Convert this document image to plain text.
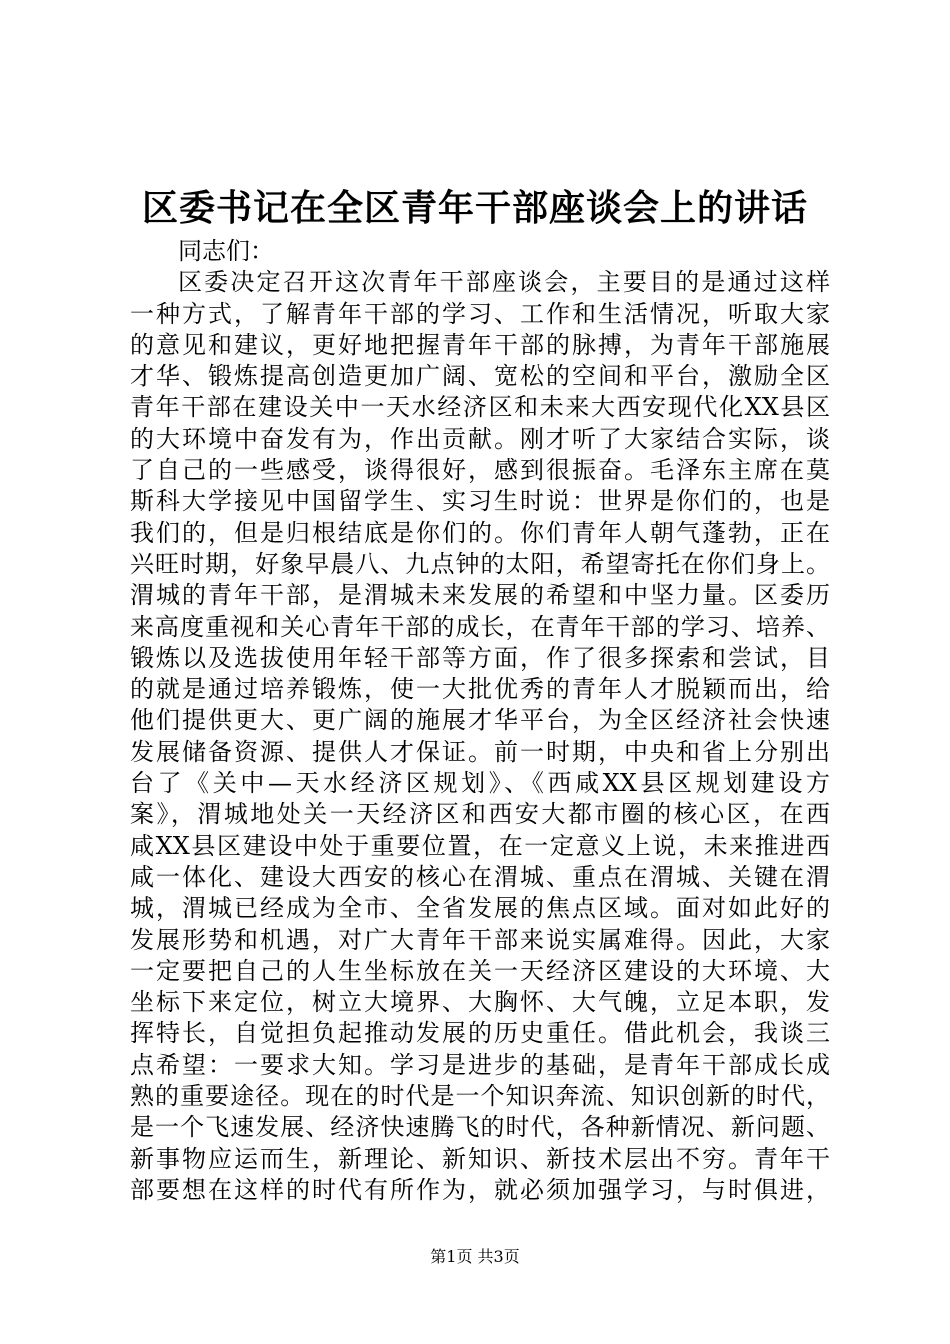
区委书记在全区青年干部座谈会上的讲话
同志们：
区委决定召开这次青年干部座谈会，主要目的是通过这样
一种方式，了解青年干部的学习、工作和生活情况，听取大家
的意见和建议，更好地把握青年干部的脉搏，为青年干部施展
才华、锻炼提高创造更加广阔、宽松的空间和平台，激励全区
青年干部在建设关中一天水经济区和未来大西安现代化XX县区
的大环境中奋发有为，作出贡献。刚才听了大家结合实际，谈
了自己的一些感受，谈得很好，感到很振奋。毛泽东主席在莫
斯科大学接见中国留学生、实习生时说：世界是你们的，也是
我们的，但是归根结底是你们的。你们青年人朝气蓬勃，正在
兴旺时期，好象早晨八、九点钟的太阳，希望寄托在你们身上。
渭城的青年干部，是渭城未来发展的希望和中坚力量。区委历
来高度重视和关心青年干部的成长，在青年干部的学习、培养、
锻炼以及选拔使用年轻干部等方面，作了很多探索和尝试，目
的就是通过培养锻炼，使一大批优秀的青年人才脱颖而出，给
他们提供更大、更广阔的施展才华平台，为全区经济社会快速
发展储备资源、提供人才保证。前一时期，中央和省上分别出
台了《关中—天水经济区规划》、《西咸XX县区规划建设方
案》，渭城地处关一天经济区和西安大都市圈的核心区，在西
咸XX县区建设中处于重要位置，在一定意义上说，未来推进西
咸一体化、建设大西安的核心在渭城、重点在渭城、关键在渭
城，渭城已经成为全市、全省发展的焦点区域。面对如此好的
发展形势和机遇，对广大青年干部来说实属难得。因此，大家
一定要把自己的人生坐标放在关一天经济区建设的大环境、大
坐标下来定位，树立大境界、大胸怀、大气魄，立足本职，发
挥特长，自觉担负起推动发展的历史重任。借此机会，我谈三
点希望：一要求大知。学习是进步的基础，是青年干部成长成
熟的重要途径。现在的时代是一个知识奔流、知识创新的时代，
是一个飞速发展、经济快速腾飞的时代，各种新情况、新问题、
新事物应运而生，新理论、新知识、新技术层出不穷。青年干
部要想在这样的时代有所作为，就必须加强学习，与时俱进，
第1页 共3页
